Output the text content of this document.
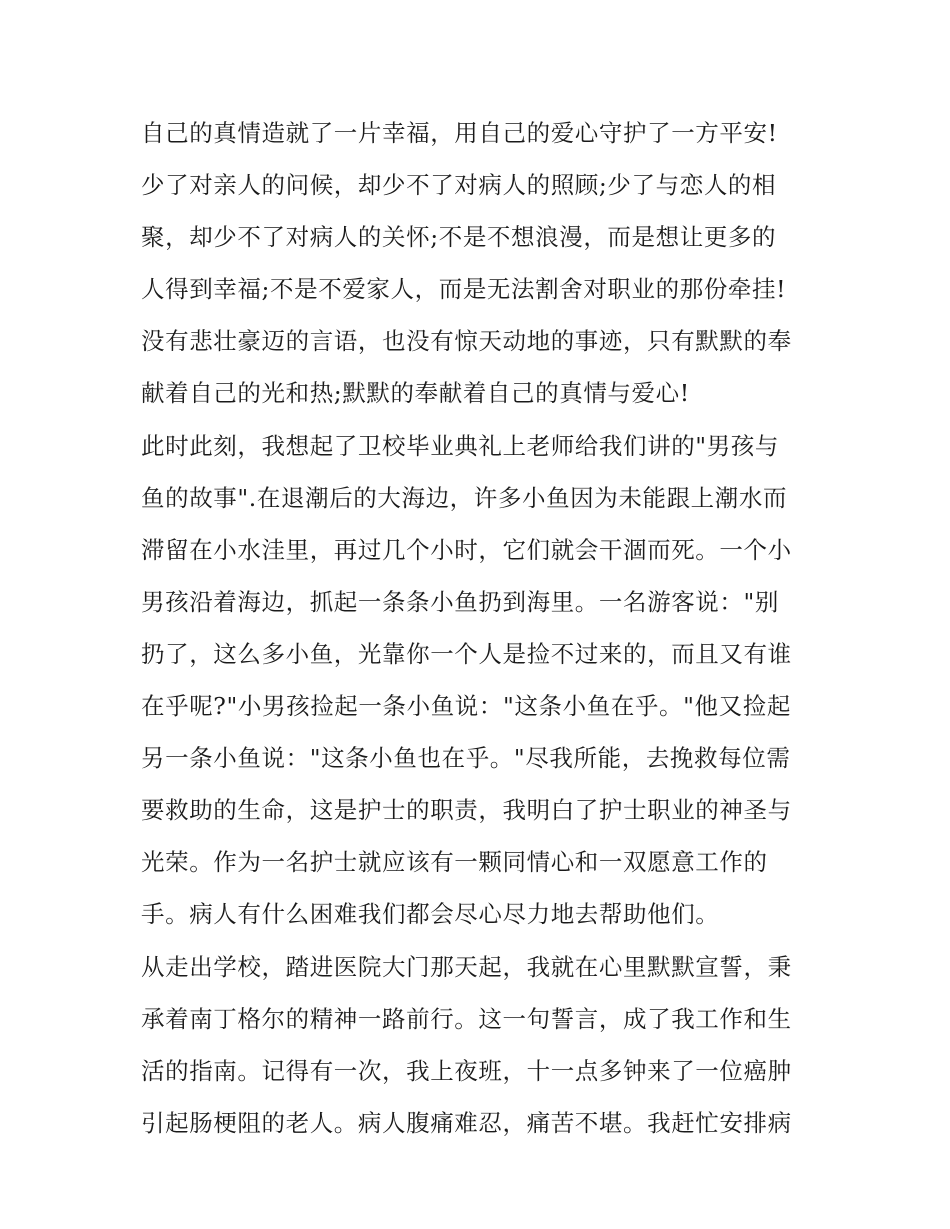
自己的真情造就了一片幸福，用自己的爱心守护了一方平安!
少了对亲人的问候，却少不了对病人的照顾;少了与恋人的相
聚，却少不了对病人的关怀;不是不想浪漫，而是想让更多的
人得到幸福;不是不爱家人，而是无法割舍对职业的那份牵挂!
没有悲壮豪迈的言语，也没有惊天动地的事迹，只有默默的奉
献着自己的光和热;默默的奉献着自己的真情与爱心!
此时此刻，我想起了卫校毕业典礼上老师给我们讲的"男孩与
鱼的故事".在退潮后的大海边，许多小鱼因为未能跟上潮水而
滞留在小水洼里，再过几个小时，它们就会干涸而死。一个小
男孩沿着海边，抓起一条条小鱼扔到海里。一名游客说："别
扔了，这么多小鱼，光靠你一个人是捡不过来的，而且又有谁
在乎呢?"小男孩捡起一条小鱼说："这条小鱼在乎。"他又捡起
另一条小鱼说："这条小鱼也在乎。"尽我所能，去挽救每位需
要救助的生命，这是护士的职责，我明白了护士职业的神圣与
光荣。作为一名护士就应该有一颗同情心和一双愿意工作的
手。病人有什么困难我们都会尽心尽力地去帮助他们。
从走出学校，踏进医院大门那天起，我就在心里默默宣誓，秉
承着南丁格尔的精神一路前行。这一句誓言，成了我工作和生
活的指南。记得有一次，我上夜班，十一点多钟来了一位癌肿
引起肠梗阻的老人。病人腹痛难忍，痛苦不堪。我赶忙安排病
